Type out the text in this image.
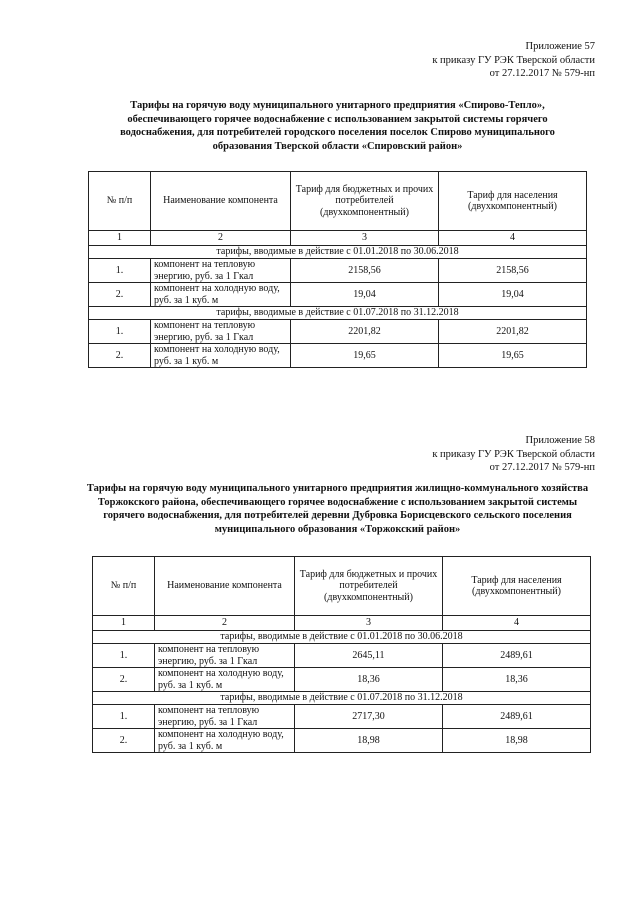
Приложение 57
к приказу ГУ РЭК Тверской области
от 27.12.2017 № 579-нп
Тарифы на горячую воду муниципального унитарного предприятия «Спирово-Тепло», обеспечивающего горячее водоснабжение с использованием закрытой системы горячего водоснабжения, для потребителей городского поселения поселок Спирово муниципального образования Тверской области «Спировский район»
№ п/п	Наименование компонента	Тариф для бюджетных и прочих потребителей (двухкомпонентный)	Тариф для населения (двухкомпонентный)
1	2	3	4
тарифы, вводимые в действие с 01.01.2018 по 30.06.2018			
1.	компонент на тепловую энергию, руб. за 1 Гкал	2158,56	2158,56
2.	компонент на холодную воду, руб. за 1 куб. м	19,04	19,04
тарифы, вводимые в действие с 01.07.2018 по 31.12.2018			
1.	компонент на тепловую энергию, руб. за 1 Гкал	2201,82	2201,82
2.	компонент на холодную воду, руб. за 1 куб. м	19,65	19,65
Приложение 58
к приказу ГУ РЭК Тверской области
от 27.12.2017 № 579-нп
Тарифы на горячую воду муниципального унитарного предприятия жилищно-коммунального хозяйства Торжокского района, обеспечивающего горячее водоснабжение с использованием закрытой системы горячего водоснабжения, для потребителей деревни Дубровка Борисцевского сельского поселения муниципального образования «Торжокский район»
№ п/п	Наименование компонента	Тариф для бюджетных и прочих потребителей (двухкомпонентный)	Тариф для населения (двухкомпонентный)
1	2	3	4
тарифы, вводимые в действие с 01.01.2018 по 30.06.2018			
1.	компонент на тепловую энергию, руб. за 1 Гкал	2645,11	2489,61
2.	компонент на холодную воду, руб. за 1 куб. м	18,36	18,36
тарифы, вводимые в действие с 01.07.2018 по 31.12.2018			
1.	компонент на тепловую энергию, руб. за 1 Гкал	2717,30	2489,61
2.	компонент на холодную воду, руб. за 1 куб. м	18,98	18,98
